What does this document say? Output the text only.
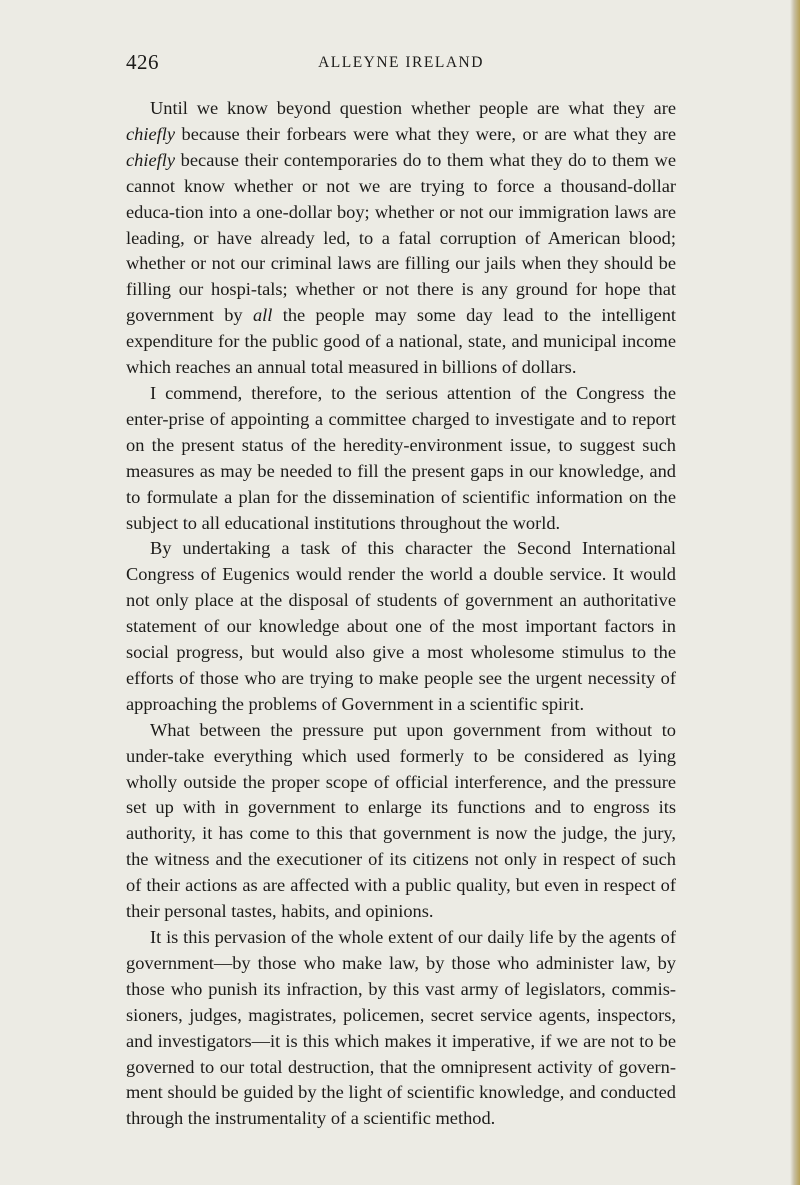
426	ALLEYNE IRELAND

Until we know beyond question whether people are what they are chiefly because their forbears were what they were, or are what they are chiefly because their contemporaries do to them what they do to them we cannot know whether or not we are trying to force a thousand-dollar educa-tion into a one-dollar boy; whether or not our immigration laws are leading, or have already led, to a fatal corruption of American blood; whether or not our criminal laws are filling our jails when they should be filling our hospi-tals; whether or not there is any ground for hope that government by all the people may some day lead to the intelligent expenditure for the public good of a national, state, and municipal income which reaches an annual total measured in billions of dollars.

I commend, therefore, to the serious attention of the Congress the enter-prise of appointing a committee charged to investigate and to report on the present status of the heredity-environment issue, to suggest such measures as may be needed to fill the present gaps in our knowledge, and to formulate a plan for the dissemination of scientific information on the subject to all educational institutions throughout the world.

By undertaking a task of this character the Second International Congress of Eugenics would render the world a double service. It would not only place at the disposal of students of government an authoritative statement of our knowledge about one of the most important factors in social progress, but would also give a most wholesome stimulus to the efforts of those who are trying to make people see the urgent necessity of approaching the problems of Government in a scientific spirit.

What between the pressure put upon government from without to under-take everything which used formerly to be considered as lying wholly outside the proper scope of official interference, and the pressure set up with in government to enlarge its functions and to engross its authority, it has come to this that government is now the judge, the jury, the witness and the executioner of its citizens not only in respect of such of their actions as are affected with a public quality, but even in respect of their personal tastes, habits, and opinions.

It is this pervasion of the whole extent of our daily life by the agents of government—by those who make law, by those who administer law, by those who punish its infraction, by this vast army of legislators, commis-sioners, judges, magistrates, policemen, secret service agents, inspectors, and investigators—it is this which makes it imperative, if we are not to be governed to our total destruction, that the omnipresent activity of govern-ment should be guided by the light of scientific knowledge, and conducted through the instrumentality of a scientific method.
